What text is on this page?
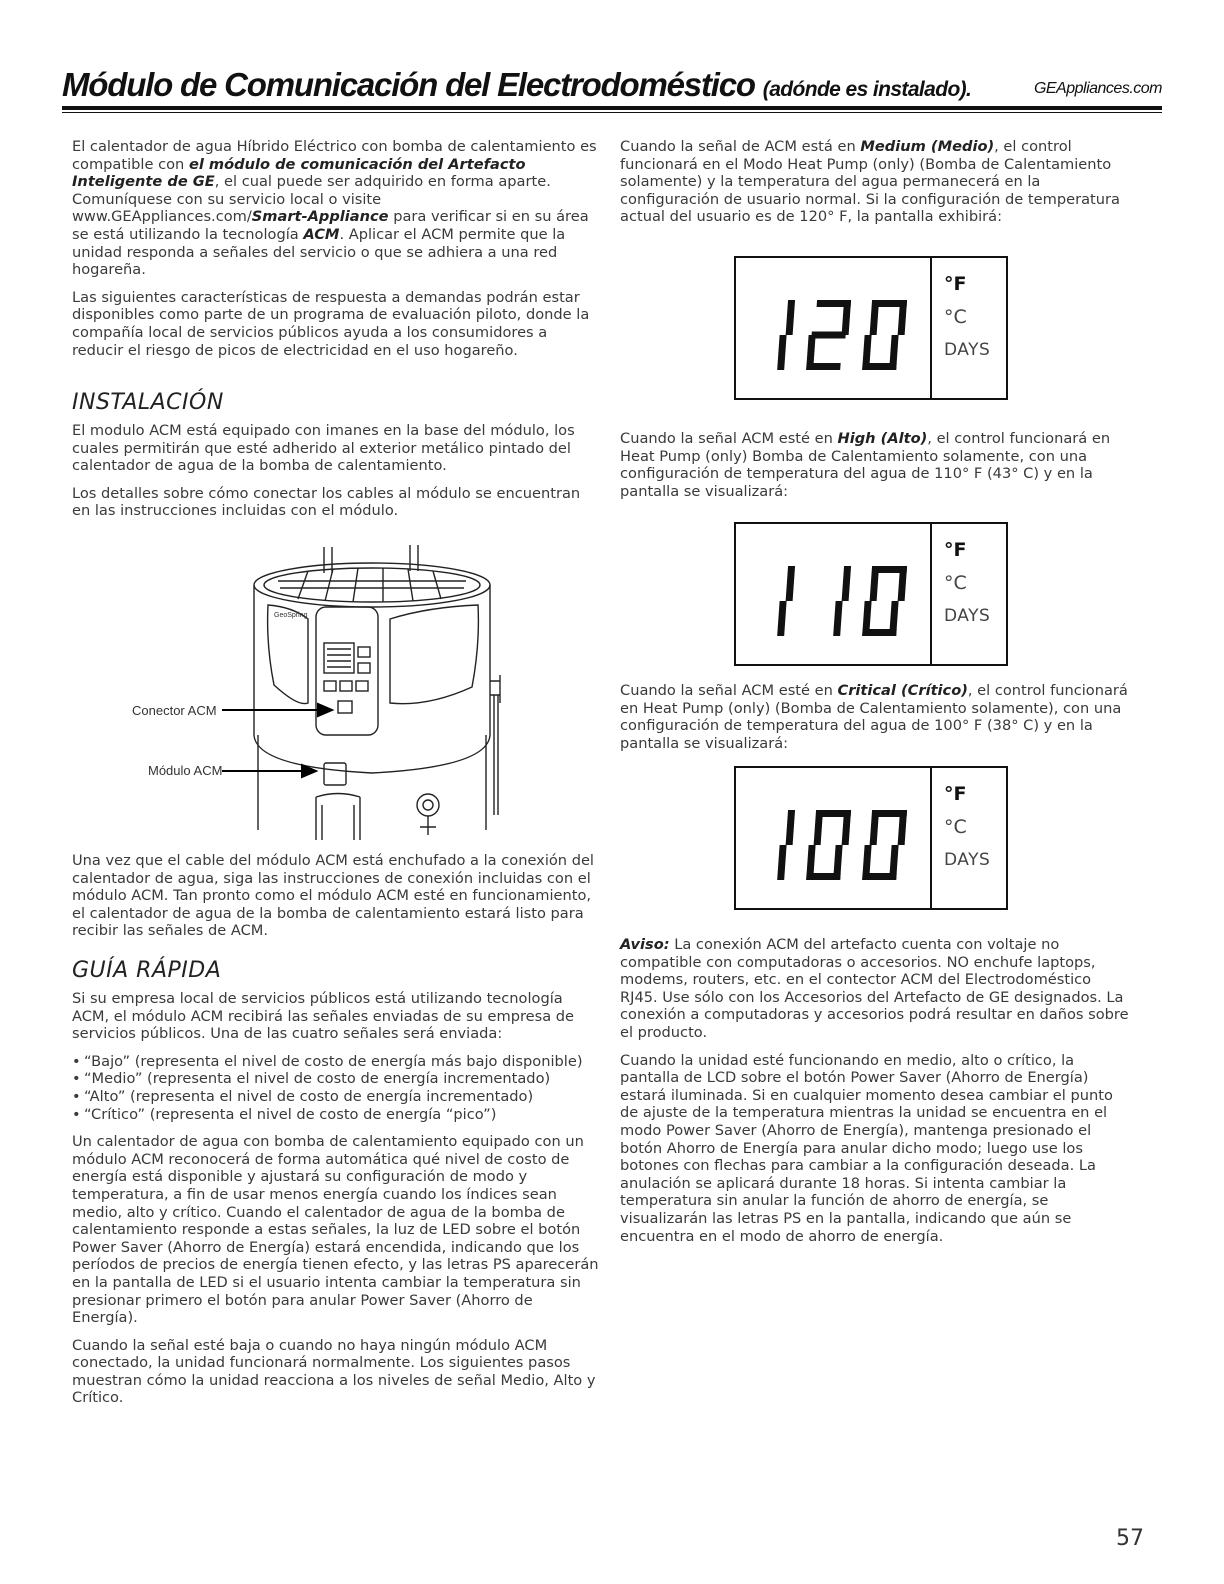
Módulo de Comunicación del Electrodoméstico (adónde es instalado).	GEAppliances.com

El calentador de agua Híbrido Eléctrico con bomba de calentamiento es compatible con el módulo de comunicación del Artefacto Inteligente de GE, el cual puede ser adquirido en forma aparte. Comuníquese con su servicio local o visite www.GEAppliances.com/Smart-Appliance para verificar si en su área se está utilizando la tecnología ACM. Aplicar el ACM permite que la unidad responda a señales del servicio o que se adhiera a una red hogareña.

Las siguientes características de respuesta a demandas podrán estar disponibles como parte de un programa de evaluación piloto, donde la compañía local de servicios públicos ayuda a los consumidores a reducir el riesgo de picos de electricidad en el uso hogareño.

INSTALACIÓN

El modulo ACM está equipado con imanes en la base del módulo, los cuales permitirán que esté adherido al exterior metálico pintado del calentador de agua de la bomba de calentamiento.

Los detalles sobre cómo conectar los cables al módulo se encuentran en las instrucciones incluidas con el módulo.

GeoSpring
Conector ACM
Módulo ACM

Una vez que el cable del módulo ACM está enchufado a la conexión del calentador de agua, siga las instrucciones de conexión incluidas con el módulo ACM. Tan pronto como el módulo ACM esté en funcionamiento, el calentador de agua de la bomba de calentamiento estará listo para recibir las señales de ACM.

GUÍA RÁPIDA

Si su empresa local de servicios públicos está utilizando tecnología ACM, el módulo ACM recibirá las señales enviadas de su empresa de servicios públicos. Una de las cuatro señales será enviada:

• “Bajo” (representa el nivel de costo de energía más bajo disponible)
• “Medio” (representa el nivel de costo de energía incrementado)
• “Alto” (representa el nivel de costo de energía incrementado)
• “Crítico” (representa el nivel de costo de energía “pico”)

Un calentador de agua con bomba de calentamiento equipado con un módulo ACM reconocerá de forma automática qué nivel de costo de energía está disponible y ajustará su configuración de modo y temperatura, a fin de usar menos energía cuando los índices sean medio, alto y crítico. Cuando el calentador de agua de la bomba de calentamiento responde a estas señales, la luz de LED sobre el botón Power Saver (Ahorro de Energía) estará encendida, indicando que los períodos de precios de energía tienen efecto, y las letras PS aparecerán en la pantalla de LED si el usuario intenta cambiar la temperatura sin presionar primero el botón para anular Power Saver (Ahorro de Energía).

Cuando la señal esté baja o cuando no haya ningún módulo ACM conectado, la unidad funcionará normalmente. Los siguientes pasos muestran cómo la unidad reacciona a los niveles de señal Medio, Alto y Crítico.

Cuando la señal de ACM está en Medium (Medio), el control funcionará en el Modo Heat Pump (only) (Bomba de Calentamiento solamente) y la temperatura del agua permanecerá en la configuración de usuario normal. Si la configuración de temperatura actual del usuario es de 120° F, la pantalla exhibirá:

°F
°C
DAYS

Cuando la señal ACM esté en High (Alto), el control funcionará en Heat Pump (only) Bomba de Calentamiento solamente, con una configuración de temperatura del agua de 110° F (43° C) y en la pantalla se visualizará:

°F
°C
DAYS

Cuando la señal ACM esté en Critical (Crítico), el control funcionará en Heat Pump (only) (Bomba de Calentamiento solamente), con una configuración de temperatura del agua de 100° F (38° C) y en la pantalla se visualizará:

°F
°C
DAYS

Aviso: La conexión ACM del artefacto cuenta con voltaje no compatible con computadoras o accesorios. NO enchufe laptops, modems, routers, etc. en el contector ACM del Electrodoméstico RJ45. Use sólo con los Accesorios del Artefacto de GE designados. La conexión a computadoras y accesorios podrá resultar en daños sobre el producto.

Cuando la unidad esté funcionando en medio, alto o crítico, la pantalla de LCD sobre el botón Power Saver (Ahorro de Energía) estará iluminada. Si en cualquier momento desea cambiar el punto de ajuste de la temperatura mientras la unidad se encuentra en el modo Power Saver (Ahorro de Energía), mantenga presionado el botón Ahorro de Energía para anular dicho modo; luego use los botones con flechas para cambiar a la configuración deseada. La anulación se aplicará durante 18 horas. Si intenta cambiar la temperatura sin anular la función de ahorro de energía, se visualizarán las letras PS en la pantalla, indicando que aún se encuentra en el modo de ahorro de energía.

57
